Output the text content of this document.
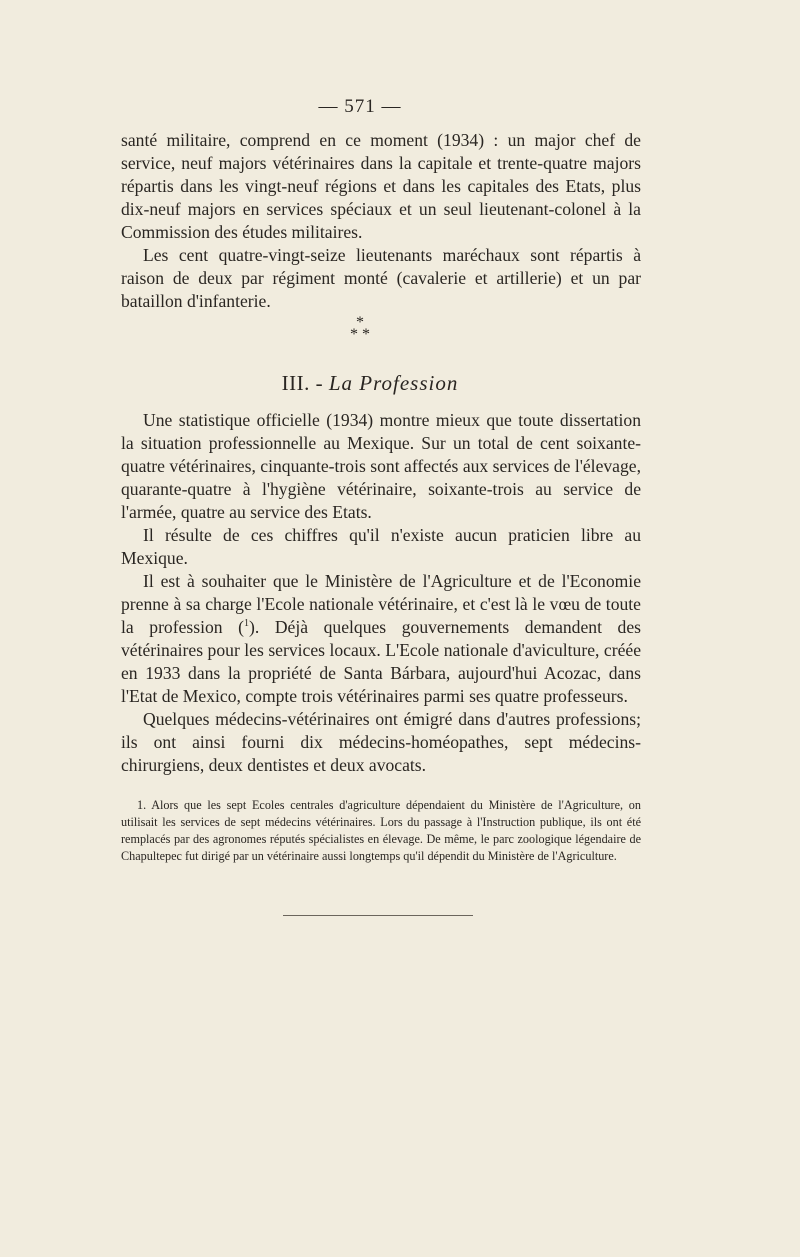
— 571 —

santé militaire, comprend en ce moment (1934) : un major chef de service, neuf majors vétérinaires dans la capitale et trente-quatre majors répartis dans les vingt-neuf régions et dans les capitales des Etats, plus dix-neuf majors en services spéciaux et un seul lieutenant-colonel à la Commission des études militaires.

Les cent quatre-vingt-seize lieutenants maréchaux sont répartis à raison de deux par régiment monté (cavalerie et artillerie) et un par bataillon d'infanterie.

*
* *
III. - La Profession

Une statistique officielle (1934) montre mieux que toute dissertation la situation professionnelle au Mexique. Sur un total de cent soixante-quatre vétérinaires, cinquante-trois sont affectés aux services de l'élevage, quarante-quatre à l'hygiène vétérinaire, soixante-trois au service de l'armée, quatre au service des Etats.

Il résulte de ces chiffres qu'il n'existe aucun praticien libre au Mexique.

Il est à souhaiter que le Ministère de l'Agriculture et de l'Economie prenne à sa charge l'Ecole nationale vétérinaire, et c'est là le vœu de toute la profession ($^1$). Déjà quelques gouvernements demandent des vétérinaires pour les services locaux. L'Ecole nationale d'aviculture, créée en 1933 dans la propriété de Santa Bárbara, aujourd'hui Acozac, dans l'Etat de Mexico, compte trois vétérinaires parmi ses quatre professeurs.

Quelques médecins-vétérinaires ont émigré dans d'autres professions; ils ont ainsi fourni dix médecins-homéopathes, sept médecins-chirurgiens, deux dentistes et deux avocats.

1. Alors que les sept Ecoles centrales d'agriculture dépendaient du Ministère de l'Agriculture, on utilisait les services de sept médecins vétérinaires. Lors du passage à l'Instruction publique, ils ont été remplacés par des agronomes réputés spécialistes en élevage. De même, le parc zoologique légendaire de Chapultepec fut dirigé par un vétérinaire aussi longtemps qu'il dépendit du Ministère de l'Agriculture.
